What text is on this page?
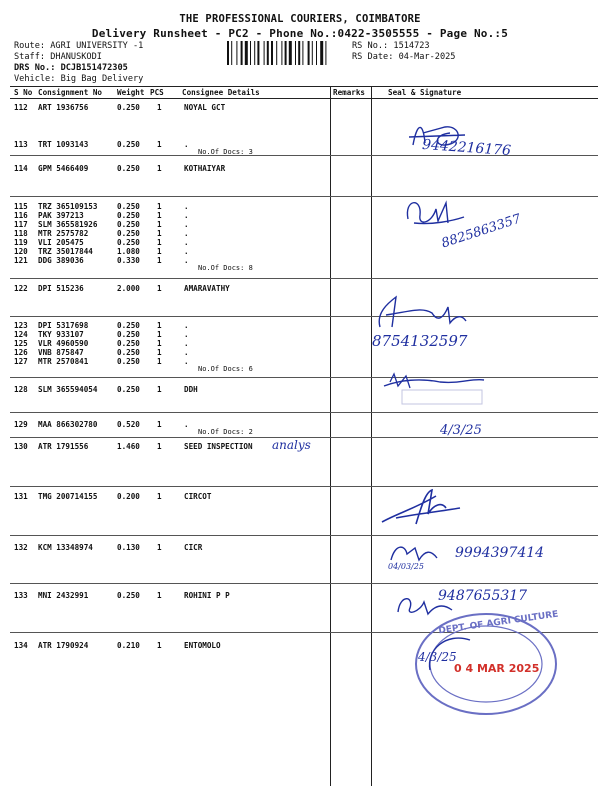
THE PROFESSIONAL COURIERS, COIMBATORE
Delivery Runsheet - PC2 - Phone No.:0422-3505555 - Page No.:5
Route: AGRI UNIVERSITY -1
Staff: DHANUSKODI
DRS No.: DCJB151472305
Vehicle: Big Bag Delivery
RS No.: 1514723
RS Date: 04-Mar-2025
S No Consignment No Weight PCS Consignee Details	Remarks	Seal & Signature
112 ART 1936756	0.250 1	NOYAL GCT
113 TRT 1093143	0.250 1	.
No.Of Docs: 3
114 GPM 5466409	0.250 1	KOTHAIYAR
115 TRZ 365109153	0.250 1	.
116 PAK 397213	0.250 1	.
117 SLM 365581926	0.250 1	.
118 MTR 2575782	0.250 1	.
119 VLI 205475	0.250 1	.
120 TRZ 35017844	1.080 1	.
121 DDG 389036	0.330 1	.
No.Of Docs: 8
122 DPI 515236	2.000 1	AMARAVATHY
123 DPI 5317698	0.250 1	.
124 TKY 933107	0.250 1	.
125 VLR 4960590	0.250 1	.
126 VNB 875847	0.250 1	.
127 MTR 2570841	0.250 1	.
No.Of Docs: 6
128 SLM 365594054	0.250 1	DDH
129 MAA 866302780	0.520 1	.
No.Of Docs: 2
130 ATR 1791556	1.460 1	SEED INSPECTION
131 TMG 200714155	0.200 1	CIRCOT
132 KCM 13348974	0.130 1	CICR
133 MNI 2432991	0.250 1	ROHINI P P
134 ATR 1790924	0.210 1	ENTOMOLO
9442216176
8825863357
8754132597
4/3/25
analys
04/03/25
9994397414
9487655317
DEPT. OF AGRI CULTURE
0 4 MAR 2025
4/3/25
